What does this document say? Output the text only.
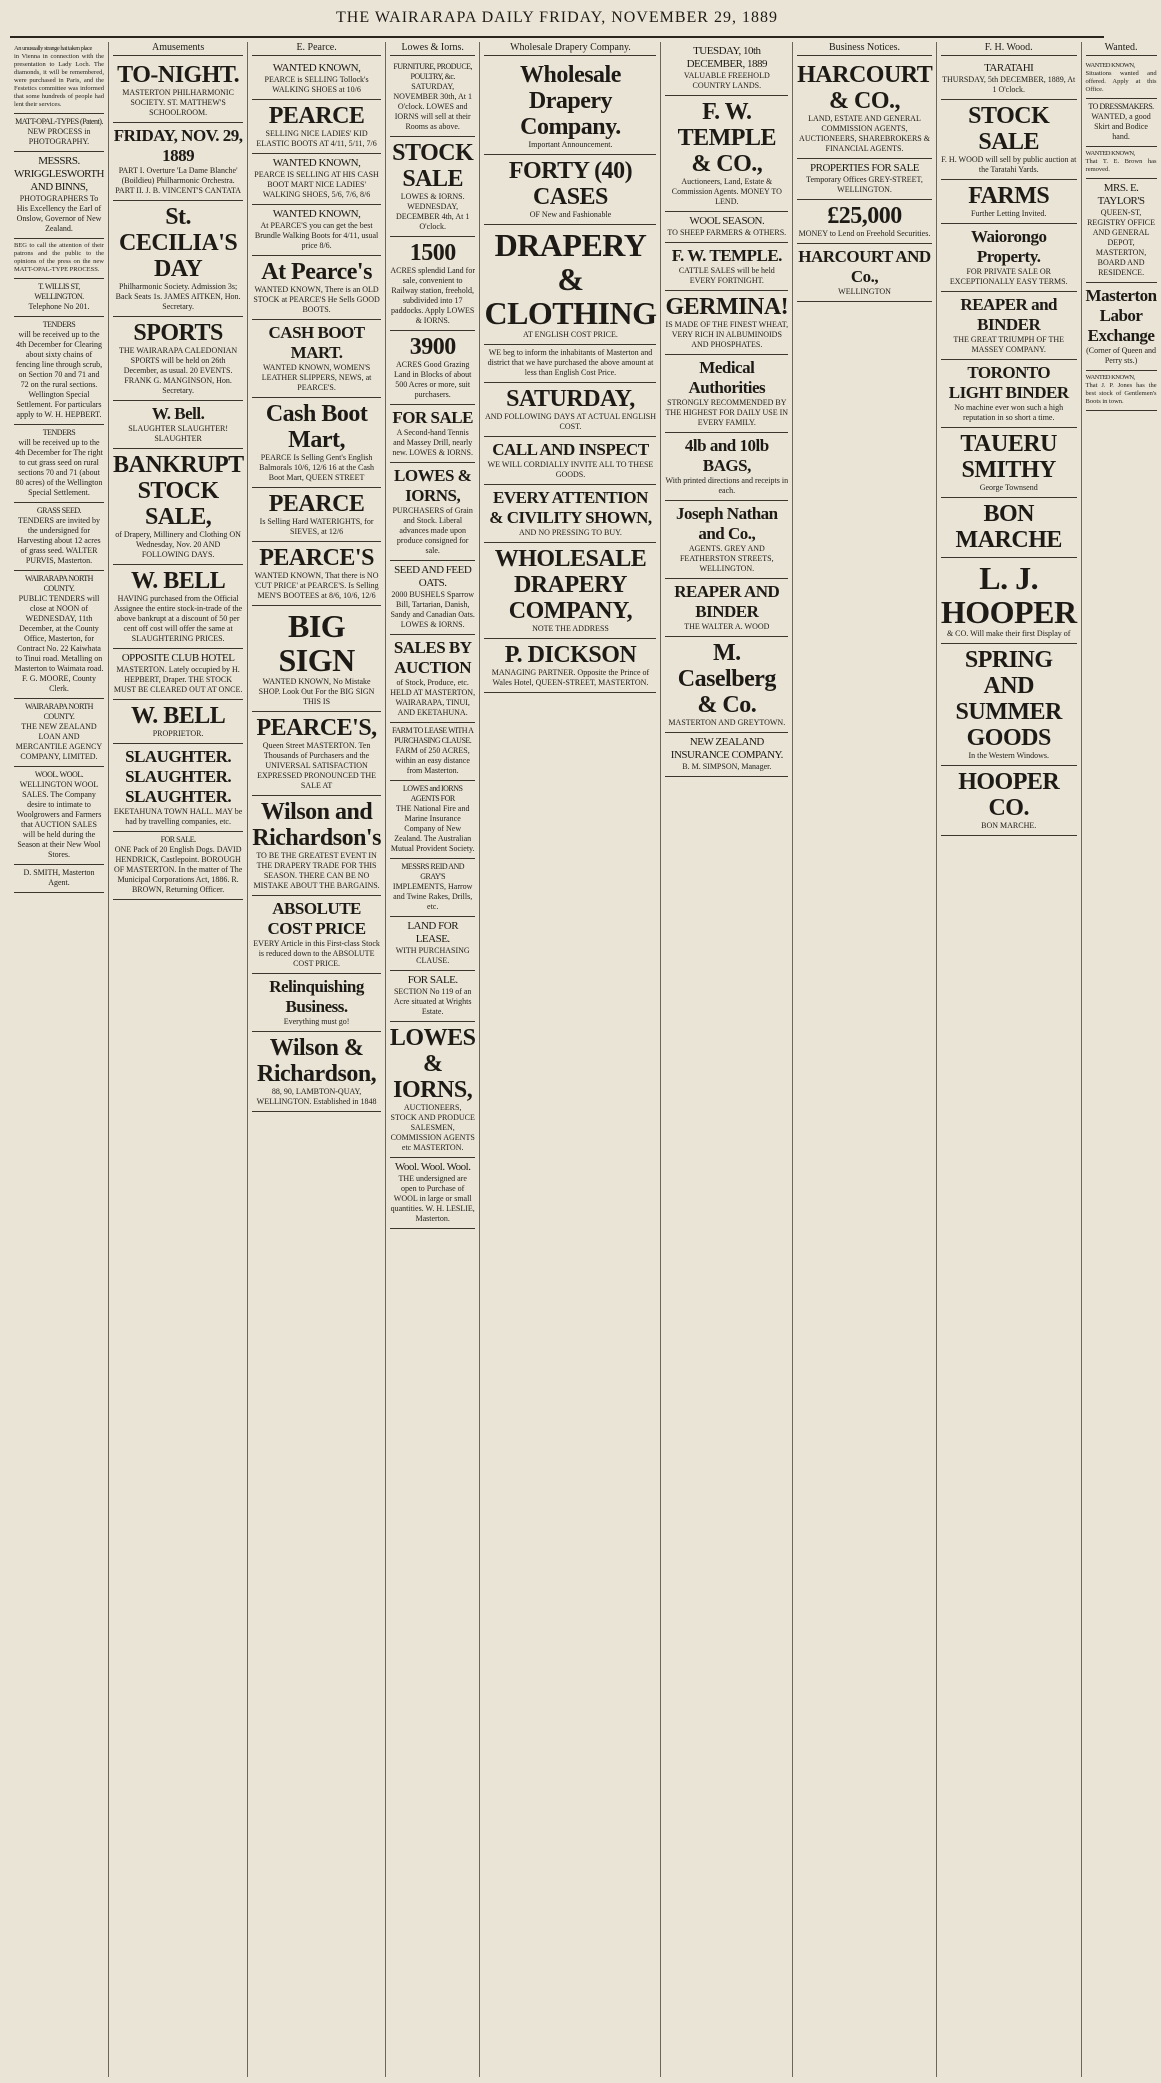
THE WAIRARAPA DAILY FRIDAY, NOVEMBER 29, 1889
An unusually strange hat taken place
in Vienna in connection with the presentation to Lady Loch. The diamonds, it will be remembered, were purchased in Paris, and the Festetics committee was informed that some hundreds of people had lent their services.
MATT-OPAL-TYPES (Patent).
NEW PROCESS in PHOTOGRAPHY.
MESSRS. WRIGGLESWORTH AND BINNS,
PHOTOGRAPHERS To His Excellency the Earl of Onslow, Governor of New Zealand.
BEG to call the attention of their patrons and the public to the opinions of the press on the new MATT-OPAL-TYPE PROCESS.
T. WILLIS ST, WELLINGTON.
Telephone No 201.
TENDERS
will be received up to the 4th December for Clearing about sixty chains of fencing line through scrub, on Section 70 and 71 and 72 on the rural sections. Wellington Special Settlement. For particulars apply to W. H. HEPBERT.
TENDERS
will be received up to the 4th December for The right to cut grass seed on rural sections 70 and 71 (about 80 acres) of the Wellington Special Settlement.
GRASS SEED.
TENDERS are invited by the undersigned for Harvesting about 12 acres of grass seed. WALTER PURVIS, Masterton.
WAIRARAPA NORTH COUNTY.
PUBLIC TENDERS will close at NOON of WEDNESDAY, 11th December, at the County Office, Masterton, for Contract No. 22 Kaiwhata to Tinui road. Metalling on Masterton to Waimata road. F. G. MOORE, County Clerk.
WAIRARAPA NORTH COUNTY.
THE NEW ZEALAND LOAN AND MERCANTILE AGENCY COMPANY, LIMITED.
WOOL. WOOL.
WELLINGTON WOOL SALES. The Company desire to intimate to Woolgrowers and Farmers that AUCTION SALES will be held during the Season at their New Wool Stores.
D. SMITH, Masterton Agent.
Amusements
TO-NIGHT.
MASTERTON PHILHARMONIC SOCIETY. ST. MATTHEW'S SCHOOLROOM.
FRIDAY, NOV. 29, 1889
PART I. Overture 'La Dame Blanche' (Boildieu) Philharmonic Orchestra. PART II. J. B. VINCENT'S CANTATA
St. CECILIA'S DAY
Philharmonic Society. Admission 3s; Back Seats 1s. JAMES AITKEN, Hon. Secretary.
SPORTS
THE WAIRARAPA CALEDONIAN SPORTS will be held on 26th December, as usual. 20 EVENTS. FRANK G. MANGINSON, Hon. Secretary.
W. Bell.
SLAUGHTER SLAUGHTER! SLAUGHTER
BANKRUPT STOCK SALE,
of Drapery, Millinery and Clothing ON Wednesday, Nov. 20 AND FOLLOWING DAYS.
W. BELL
HAVING purchased from the Official Assignee the entire stock-in-trade of the above bankrupt at a discount of 50 per cent off cost will offer the same at SLAUGHTERING PRICES.
OPPOSITE CLUB HOTEL
MASTERTON. Lately occupied by H. HEPBERT, Draper. THE STOCK MUST BE CLEARED OUT AT ONCE.
W. BELL
PROPRIETOR.
SLAUGHTER. SLAUGHTER. SLAUGHTER.
EKETAHUNA TOWN HALL. MAY be had by travelling companies, etc.
FOR SALE.
ONE Pack of 20 English Dogs. DAVID HENDRICK, Castlepoint. BOROUGH OF MASTERTON. In the matter of The Municipal Corporations Act, 1886. R. BROWN, Returning Officer.
E. Pearce.
WANTED KNOWN,
PEARCE is SELLING Tollock's WALKING SHOES at 10/6
PEARCE
SELLING NICE LADIES' KID ELASTIC BOOTS AT 4/11, 5/11, 7/6
WANTED KNOWN,
PEARCE IS SELLING AT HIS CASH BOOT MART NICE LADIES' WALKING SHOES, 5/6, 7/6, 8/6
WANTED KNOWN,
At PEARCE'S you can get the best Brundle Walking Boots for 4/11, usual price 8/6.
At Pearce's
WANTED KNOWN, There is an OLD STOCK at PEARCE'S He Sells GOOD BOOTS.
CASH BOOT MART.
WANTED KNOWN, WOMEN'S LEATHER SLIPPERS, NEWS, at PEARCE'S.
Cash Boot Mart,
PEARCE Is Selling Gent's English Balmorals 10/6, 12/6 16 at the Cash Boot Mart, QUEEN STREET
PEARCE
Is Selling Hard WATERIGHTS, for SIEVES, at 12/6
PEARCE'S
WANTED KNOWN, That there is NO 'CUT PRICE' at PEARCE'S. Is Selling MEN'S BOOTEES at 8/6, 10/6, 12/6
BIG SIGN
WANTED KNOWN, No Mistake SHOP. Look Out For the BIG SIGN THIS IS
PEARCE'S,
Queen Street MASTERTON. Ten Thousands of Purchasers and the UNIVERSAL SATISFACTION EXPRESSED PRONOUNCED THE SALE AT
Wilson and Richardson's
TO BE THE GREATEST EVENT IN THE DRAPERY TRADE FOR THIS SEASON. THERE CAN BE NO MISTAKE ABOUT THE BARGAINS.
ABSOLUTE COST PRICE
EVERY Article in this First-class Stock is reduced down to the ABSOLUTE COST PRICE.
Relinquishing Business.
Everything must go!
Wilson & Richardson,
88, 90, LAMBTON-QUAY, WELLINGTON. Established in 1848
Lowes & Iorns.
FURNITURE, PRODUCE, POULTRY, &c.
SATURDAY, NOVEMBER 30th, At 1 O'clock. LOWES and IORNS will sell at their Rooms as above.
STOCK SALE
LOWES & IORNS. WEDNESDAY, DECEMBER 4th, At 1 O'clock.
1500
ACRES splendid Land for sale, convenient to Railway station, freehold, subdivided into 17 paddocks. Apply LOWES & IORNS.
3900
ACRES Good Grazing Land in Blocks of about 500 Acres or more, suit purchasers.
FOR SALE
A Second-hand Tennis and Massey Drill, nearly new. LOWES & IORNS.
LOWES & IORNS,
PURCHASERS of Grain and Stock. Liberal advances made upon produce consigned for sale.
SEED AND FEED OATS.
2000 BUSHELS Sparrow Bill, Tartarian, Danish, Sandy and Canadian Oats. LOWES & IORNS.
SALES BY AUCTION
of Stock, Produce, etc. HELD AT MASTERTON, WAIRARAPA, TINUI, AND EKETAHUNA.
FARM TO LEASE WITH A PURCHASING CLAUSE.
FARM of 250 ACRES, within an easy distance from Masterton.
LOWES and IORNS AGENTS FOR
THE National Fire and Marine Insurance Company of New Zealand. The Australian Mutual Provident Society.
MESSRS REID AND GRAY'S
IMPLEMENTS, Harrow and Twine Rakes, Drills, etc.
LAND FOR LEASE.
WITH PURCHASING CLAUSE.
FOR SALE.
SECTION No 119 of an Acre situated at Wrights Estate.
LOWES & IORNS,
AUCTIONEERS, STOCK AND PRODUCE SALESMEN, COMMISSION AGENTS etc MASTERTON.
Wool. Wool. Wool.
THE undersigned are open to Purchase of WOOL in large or small quantities. W. H. LESLIE, Masterton.
Wholesale Drapery Company.
Wholesale Drapery Company.
Important Announcement.
FORTY (40) CASES
OF New and Fashionable
DRAPERY & CLOTHING
AT ENGLISH COST PRICE.
WE beg to inform the inhabitants of Masterton and district that we have purchased the above amount at less than English Cost Price.
SATURDAY,
AND FOLLOWING DAYS AT ACTUAL ENGLISH COST.
CALL AND INSPECT
WE WILL CORDIALLY INVITE ALL TO THESE GOODS.
EVERY ATTENTION & CIVILITY SHOWN,
AND NO PRESSING TO BUY.
WHOLESALE DRAPERY COMPANY,
NOTE THE ADDRESS
P. DICKSON
MANAGING PARTNER. Opposite the Prince of Wales Hotel, QUEEN-STREET, MASTERTON.
TUESDAY, 10th DECEMBER, 1889
VALUABLE FREEHOLD COUNTRY LANDS.
F. W. TEMPLE & CO.,
Auctioneers, Land, Estate & Commission Agents. MONEY TO LEND.
WOOL SEASON.
TO SHEEP FARMERS & OTHERS.
F. W. TEMPLE.
CATTLE SALES will be held EVERY FORTNIGHT.
GERMINA!
IS MADE OF THE FINEST WHEAT, VERY RICH IN ALBUMINOIDS AND PHOSPHATES.
Medical Authorities
STRONGLY RECOMMENDED BY THE HIGHEST FOR DAILY USE IN EVERY FAMILY.
4lb and 10lb BAGS,
With printed directions and receipts in each.
Joseph Nathan and Co.,
AGENTS. GREY AND FEATHERSTON STREETS, WELLINGTON.
REAPER AND BINDER
THE WALTER A. WOOD
M. Caselberg & Co.
MASTERTON AND GREYTOWN.
NEW ZEALAND INSURANCE COMPANY.
B. M. SIMPSON, Manager.
Business Notices.
HARCOURT & CO.,
LAND, ESTATE AND GENERAL COMMISSION AGENTS, AUCTIONEERS, SHAREBROKERS & FINANCIAL AGENTS.
PROPERTIES FOR SALE
Temporary Offices GREY-STREET, WELLINGTON.
£25,000
MONEY to Lend on Freehold Securities.
HARCOURT AND Co.,
WELLINGTON
F. H. Wood.
TARATAHI
THURSDAY, 5th DECEMBER, 1889, At 1 O'clock.
STOCK SALE
F. H. WOOD will sell by public auction at the Taratahi Yards.
FARMS
Further Letting Invited.
Waiorongo Property.
FOR PRIVATE SALE OR EXCEPTIONALLY EASY TERMS.
REAPER and BINDER
THE GREAT TRIUMPH OF THE MASSEY COMPANY.
TORONTO LIGHT BINDER
No machine ever won such a high reputation in so short a time.
TAUERU SMITHY
George Townsend
BON MARCHE
L. J. HOOPER
& CO. Will make their first Display of
SPRING AND SUMMER GOODS
In the Western Windows.
HOOPER CO.
BON MARCHE.
Wanted.
WANTED KNOWN,
Situations wanted and offered. Apply at this Office.
TO DRESSMAKERS.
WANTED, a good Skirt and Bodice hand.
WANTED KNOWN,
That T. E. Brown has removed.
MRS. E. TAYLOR'S
QUEEN-ST, REGISTRY OFFICE AND GENERAL DEPOT, MASTERTON, BOARD AND RESIDENCE.
Masterton Labor Exchange
(Corner of Queen and Perry sts.)
WANTED KNOWN,
That J. P. Jones has the best stock of Gentlemen's Boots in town.
